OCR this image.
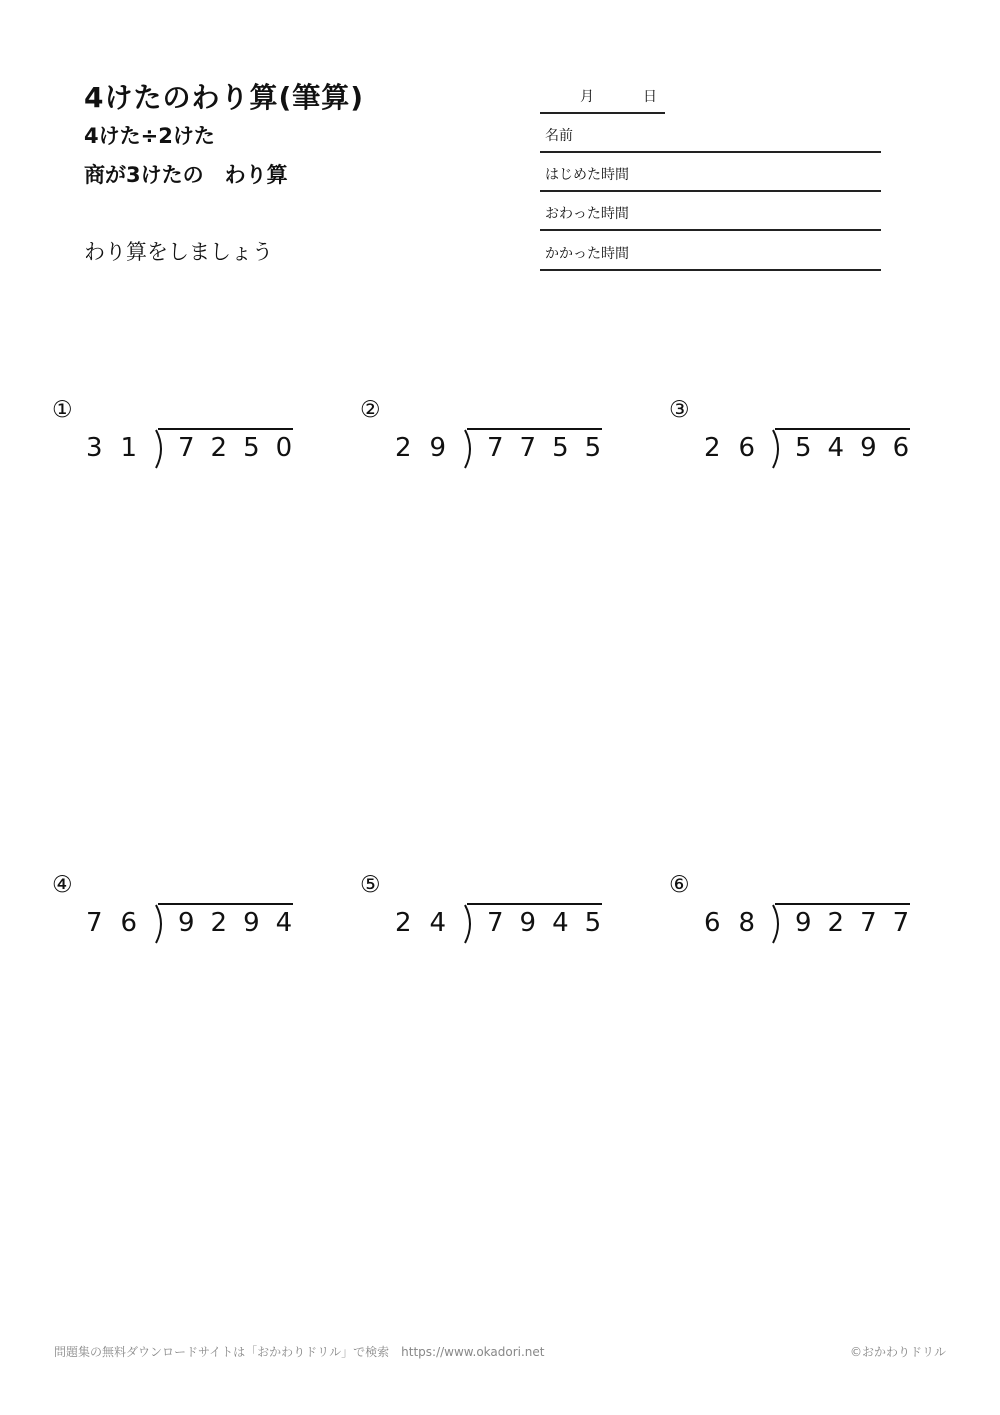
4けたのわり算(筆算)
4けた÷2けた
商が3けたの　わり算
わり算をしましょう
月	日
名前
はじめた時間
おわった時間
かかった時間
①
31 7250
②
29 7755
③
26 5496
④
76 9294
⑤
24 7945
⑥
68 9277
問題集の無料ダウンロードサイトは「おかわりドリル」で検索　https://www.okadori.net	©おかわりドリル
